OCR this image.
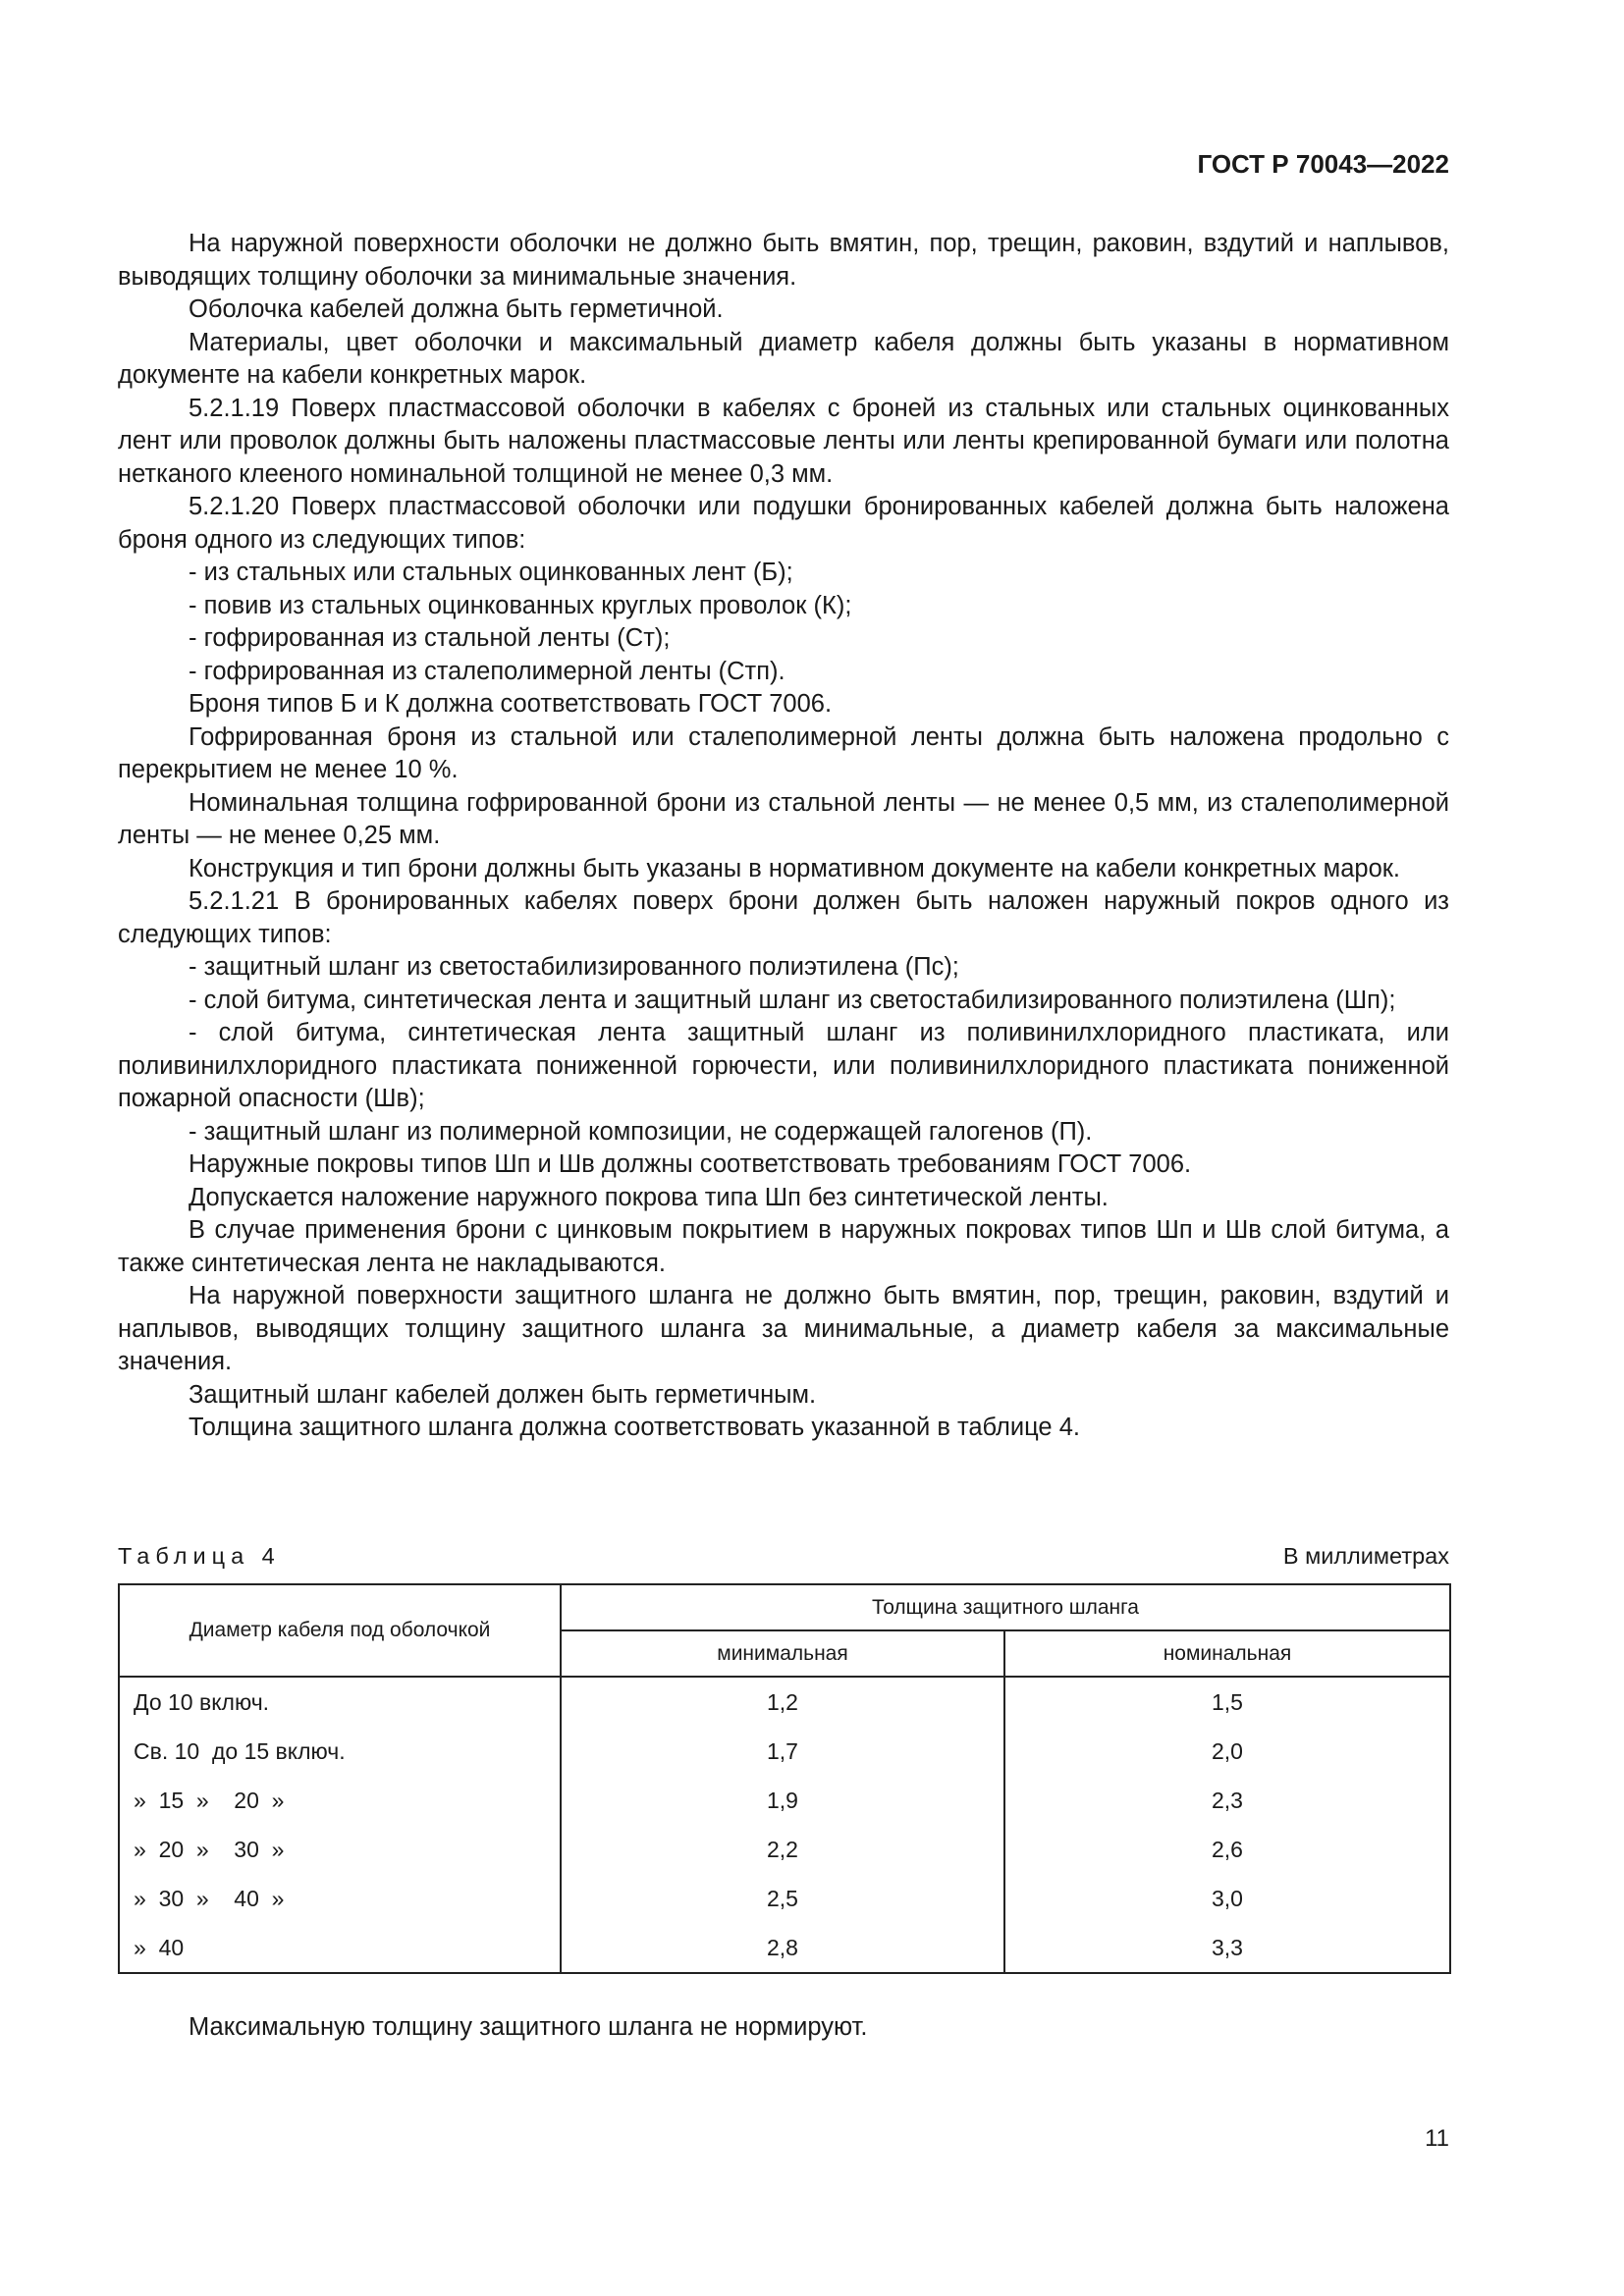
ГОСТ Р 70043—2022

На наружной поверхности оболочки не должно быть вмятин, пор, трещин, раковин, вздутий и наплывов, выводящих толщину оболочки за минимальные значения.

Оболочка кабелей должна быть герметичной.

Материалы, цвет оболочки и максимальный диаметр кабеля должны быть указаны в нормативном документе на кабели конкретных марок.

5.2.1.19 Поверх пластмассовой оболочки в кабелях с броней из стальных или стальных оцинкованных лент или проволок должны быть наложены пластмассовые ленты или ленты крепированной бумаги или полотна нетканого клееного номинальной толщиной не менее 0,3 мм.

5.2.1.20 Поверх пластмассовой оболочки или подушки бронированных кабелей должна быть наложена броня одного из следующих типов:

- из стальных или стальных оцинкованных лент (Б);

- повив из стальных оцинкованных круглых проволок (К);

- гофрированная из стальной ленты (Ст);

- гофрированная из сталеполимерной ленты (Стп).

Броня типов Б и К должна соответствовать ГОСТ 7006.

Гофрированная броня из стальной или сталеполимерной ленты должна быть наложена продольно с перекрытием не менее 10 %.

Номинальная толщина гофрированной брони из стальной ленты — не менее 0,5 мм, из сталеполимерной ленты — не менее 0,25 мм.

Конструкция и тип брони должны быть указаны в нормативном документе на кабели конкретных марок.

5.2.1.21 В бронированных кабелях поверх брони должен быть наложен наружный покров одного из следующих типов:

- защитный шланг из светостабилизированного полиэтилена (Пс);

- слой битума, синтетическая лента и защитный шланг из светостабилизированного полиэтилена (Шп);

- слой битума, синтетическая лента защитный шланг из поливинилхлоридного пластиката, или поливинилхлоридного пластиката пониженной горючести, или поливинилхлоридного пластиката пониженной пожарной опасности (Шв);

- защитный шланг из полимерной композиции, не содержащей галогенов (П).

Наружные покровы типов Шп и Шв должны соответствовать требованиям ГОСТ 7006.

Допускается наложение наружного покрова типа Шп без синтетической ленты.

В случае применения брони с цинковым покрытием в наружных покровах типов Шп и Шв слой битума, а также синтетическая лента не накладываются.

На наружной поверхности защитного шланга не должно быть вмятин, пор, трещин, раковин, вздутий и наплывов, выводящих толщину защитного шланга за минимальные, а диаметр кабеля за максимальные значения.

Защитный шланг кабелей должен быть герметичным.

Толщина защитного шланга должна соответствовать указанной в таблице 4.

Таблица 4	В миллиметрах
Диаметр кабеля под оболочкой	Толщина защитного шланга	
	минимальная	номинальная
До 10 включ.	1,2	1,5
Св. 10  до 15 включ.	1,7	2,0
»  15  »    20  »	1,9	2,3
»  20  »    30  »	2,2	2,6
»  30  »    40  »	2,5	3,0
»  40	2,8	3,3
Максимальную толщину защитного шланга не нормируют.
11
